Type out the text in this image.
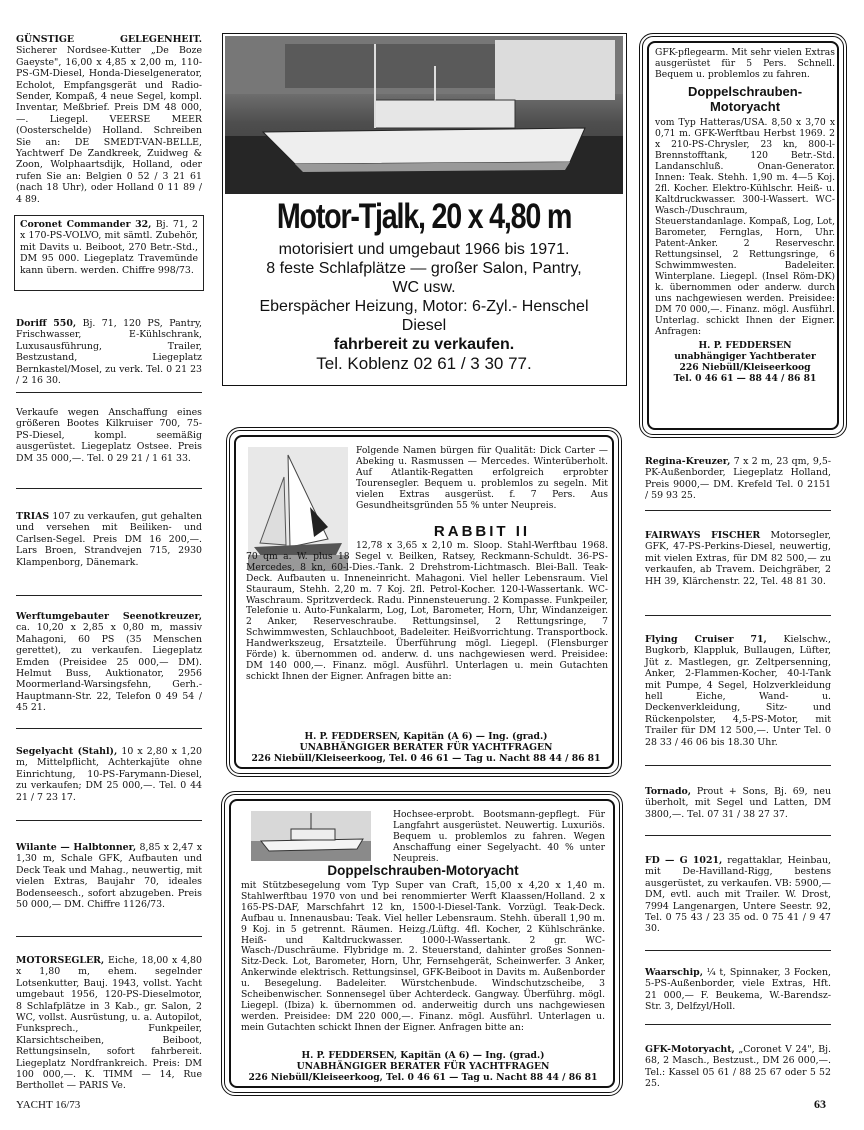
GÜNSTIGE GELEGENHEIT. Sicherer Nordsee-Kutter „De Boze Gaeyste", 16,00 x 4,85 x 2,00 m, 110-PS-GM-Diesel, Honda-Dieselgenerator, Echolot, Empfangsgerät und Radio-Sender, Kompaß, 4 neue Segel, kompl. Inventar, Meßbrief. Preis DM 48 000,—. Liegepl. VEERSE MEER (Oosterschelde) Holland. Schreiben Sie an: DE SMEDT-VAN-BELLE, Yachtwerf De Zandkreek, Zuidweg & Zoon, Wolphaartsdijk, Holland, oder rufen Sie an: Belgien 0 52 / 3 21 61 (nach 18 Uhr), oder Holland 0 11 89 / 4 89.
Coronet Commander 32, Bj. 71, 2 x 170-PS-VOLVO, mit sämtl. Zubehör, mit Davits u. Beiboot, 270 Betr.-Std., DM 95 000. Liegeplatz Travemünde kann übern. werden. Chiffre 998/73.
Doriff 550, Bj. 71, 120 PS, Pantry, Frischwasser, E-Kühlschrank, Luxusausführung, Trailer, Bestzustand, Liegeplatz Bernkastel/Mosel, zu verk. Tel. 0 21 23 / 2 16 30.
Verkaufe wegen Anschaffung eines größeren Bootes Kilkruiser 700, 75-PS-Diesel, kompl. seemäßig ausgerüstet. Liegeplatz Ostsee. Preis DM 35 000,—. Tel. 0 29 21 / 1 61 33.
TRIAS 107 zu verkaufen, gut gehalten und versehen mit Beiliken- und Carlsen-Segel. Preis DM 16 200,—. Lars Broen, Strandvejen 715, 2930 Klampenborg, Dänemark.
Werftumgebauter Seenotkreuzer, ca. 10,20 x 2,85 x 0,80 m, massiv Mahagoni, 60 PS (35 Menschen gerettet), zu verkaufen. Liegeplatz Emden (Preisidee 25 000,— DM). Helmut Buss, Auktionator, 2956 Moormerland-Warsingsfehn, Gerh.-Hauptmann-Str. 22, Telefon 0 49 54 / 45 21.
Segelyacht (Stahl), 10 x 2,80 x 1,20 m, Mittelpflicht, Achterkajüte ohne Einrichtung, 10-PS-Farymann-Diesel, zu verkaufen; DM 25 000,—. Tel. 0 44 21 / 7 23 17.
Wilante — Halbtonner, 8,85 x 2,47 x 1,30 m, Schale GFK, Aufbauten und Deck Teak und Mahag., neuwertig, mit vielen Extras, Baujahr 70, ideales Bodenseesch., sofort abzugeben. Preis 50 000,— DM. Chiffre 1126/73.
MOTORSEGLER, Eiche, 18,00 x 4,80 x 1,80 m, ehem. segelnder Lotsenkutter, Bauj. 1943, vollst. Yacht umgebaut 1956, 120-PS-Dieselmotor, 8 Schlafplätze in 3 Kab., gr. Salon, 2 WC, vollst. Ausrüstung, u. a. Autopilot, Funksprech., Funkpeiler, Klarsichtscheiben, Beiboot, Rettungsinseln, sofort fahrbereit. Liegeplatz Nordfrankreich. Preis: DM 100 000,—. K. TIMM — 14, Rue Berthollet — PARIS Ve.
Motor-Tjalk, 20 x 4,80 m
motorisiert und umgebaut 1966 bis 1971.
8 feste Schlafplätze — großer Salon, Pantry,
WC usw.
Eberspächer Heizung, Motor: 6-Zyl.- Henschel
Diesel
fahrbereit zu verkaufen.
Tel. Koblenz 02 61 / 3 30 77.
GFK-pflegearm. Mit sehr vielen Extras ausgerüstet für 5 Pers. Schnell. Bequem u. problemlos zu fahren.
Doppelschrauben-
Motoryacht
vom Typ Hatteras/USA. 8,50 x 3,70 x 0,71 m. GFK-Werftbau Herbst 1969. 2 x 210-PS-Chrysler, 23 kn, 800-l-Brennstofftank, 120 Betr.-Std. Landanschluß. Onan-Generator. Innen: Teak. Stehh. 1,90 m. 4—5 Koj. 2fl. Kocher. Elektro-Kühlschr. Heiß- u. Kaltdruckwasser. 300-l-Wassert. WC-Wasch-/Duschraum, Steuerstandanlage. Kompaß, Log, Lot, Barometer, Fernglas, Horn, Uhr. Patent-Anker. 2 Reserveschr. Rettungsinsel, 2 Rettungsringe, 6 Schwimmwesten. Badeleiter. Winterplane. Liegepl. (Insel Röm-DK) k. übernommen oder anderw. durch uns nachgewiesen werden. Preisidee: DM 70 000,—. Finanz. mögl. Ausführl. Unterlag. schickt Ihnen der Eigner. Anfragen:
H. P. FEDDERSEN
unabhängiger Yachtberater
226 Niebüll/Kleiseerkoog
Tel. 0 46 61 — 88 44 / 86 81
Folgende Namen bürgen für Qualität: Dick Carter — Abeking u. Rasmussen — Mercedes. Winterüberholt. Auf Atlantik-Regatten erfolgreich erprobter Tourensegler. Bequem u. problemlos zu segeln. Mit vielen Extras ausgerüst. f. 7 Pers. Aus Gesundheitsgründen 55 % unter Neupreis.
RABBIT II
12,78 x 3,65 x 2,10 m. Sloop. Stahl-Werftbau 1968. 70 qm a. W. plus 18 Segel v. Beilken, Ratsey, Reckmann-Schuldt. 36-PS-Mercedes, 8 kn, 60-l-Dies.-Tank. 2 Drehstrom-Lichtmasch. Blei-Ball. Teak-Deck. Aufbauten u. Inneneinricht. Mahagoni. Viel heller Lebensraum. Viel Stauraum, Stehh. 2,20 m. 7 Koj. 2fl. Petrol-Kocher. 120-l-Wassertank. WC-Waschraum. Spritzverdeck. Radu. Pinnensteuerung. 2 Kompasse. Funkpeiler, Telefonie u. Auto-Funkalarm, Log, Lot, Barometer, Horn, Uhr, Windanzeiger. 2 Anker, Reserveschraube. Rettungsinsel, 2 Rettungsringe, 7 Schwimmwesten, Schlauchboot, Badeleiter. Heißvorrichtung. Transportbock. Handwerkszeug, Ersatzteile. Überführung mögl. Liegepl. (Flensburger Förde) k. übernommen od. anderw. d. uns nachgewiesen werd. Preisidee: DM 140 000,—. Finanz. mögl. Ausführl. Unterlagen u. mein Gutachten schickt Ihnen der Eigner. Anfragen bitte an:
H. P. FEDDERSEN, Kapitän (A 6) — Ing. (grad.)
UNABHÄNGIGER BERATER FÜR YACHTFRAGEN
226 Niebüll/Kleiseerkoog, Tel. 0 46 61 — Tag u. Nacht 88 44 / 86 81
Hochsee-erprobt. Bootsmann-gepflegt. Für Langfahrt ausgerüstet. Neuwertig. Luxuriös. Bequem u. problemlos zu fahren. Wegen Anschaffung einer Segelyacht. 40 % unter Neupreis.
Doppelschrauben-Motoryacht
mit Stützbesegelung vom Typ Super van Craft, 15,00 x 4,20 x 1,40 m. Stahlwerftbau 1970 von und bei renommierter Werft Klaassen/Holland. 2 x 165-PS-DAF, Marschfahrt 12 kn, 1500-l-Diesel-Tank. Vorzügl. Teak-Deck. Aufbau u. Innenausbau: Teak. Viel heller Lebensraum. Stehh. überall 1,90 m. 9 Koj. in 5 getrennt. Räumen. Heizg./Lüftg. 4fl. Kocher, 2 Kühlschränke. Heiß- und Kaltdruckwasser. 1000-l-Wassertank. 2 gr. WC-Wasch-/Duschräume. Flybridge m. 2. Steuerstand, dahinter großes Sonnen-Sitz-Deck. Lot, Barometer, Horn, Uhr, Fernsehgerät, Scheinwerfer. 3 Anker, Ankerwinde elektrisch. Rettungsinsel, GFK-Beiboot in Davits m. Außenborder u. Besegelung. Badeleiter. Würstchenbude. Windschutzscheibe, 3 Scheibenwischer. Sonnensegel über Achterdeck. Gangway. Überführg. mögl. Liegepl. (Ibiza) k. übernommen od. anderweitig durch uns nachgewiesen werden. Preisidee: DM 220 000,—. Finanz. mögl. Ausführl. Unterlagen u. mein Gutachten schickt Ihnen der Eigner. Anfragen bitte an:
H. P. FEDDERSEN, Kapitän (A 6) — Ing. (grad.)
UNABHÄNGIGER BERATER FÜR YACHTFRAGEN
226 Niebüll/Kleiseerkoog, Tel. 0 46 61 — Tag u. Nacht 88 44 / 86 81
Regina-Kreuzer, 7 x 2 m, 23 qm, 9,5-PK-Außenborder, Liegeplatz Holland, Preis 9000,— DM. Krefeld Tel. 0 2151 / 59 93 25.
FAIRWAYS FISCHER Motorsegler, GFK, 47-PS-Perkins-Diesel, neuwertig, mit vielen Extras, für DM 82 500,— zu verkaufen, ab Travem. Deichgräber, 2 HH 39, Klärchenstr. 22, Tel. 48 81 30.
Flying Cruiser 71, Kielschw., Bugkorb, Klappluk, Bullaugen, Lüfter, Jüt z. Mastlegen, gr. Zeltpersenning, Anker, 2-Flammen-Kocher, 40-l-Tank mit Pumpe, 4 Segel, Holzverkleidung hell Eiche, Wand- u. Deckenverkleidung, Sitz- und Rückenpolster, 4,5-PS-Motor, mit Trailer für DM 12 500,—. Unter Tel. 0 28 33 / 46 06 bis 18.30 Uhr.
Tornado, Prout + Sons, Bj. 69, neu überholt, mit Segel und Latten, DM 3800,—. Tel. 07 31 / 38 27 37.
FD — G 1021, regattaklar, Heinbau, mit De-Havilland-Rigg, bestens ausgerüstet, zu verkaufen. VB: 5900,— DM, evtl. auch mit Trailer. W. Drost, 7994 Langenargen, Untere Seestr. 92, Tel. 0 75 43 / 23 35 od. 0 75 41 / 9 47 30.
Waarschip, ¼ t, Spinnaker, 3 Focken, 5-PS-Außenborder, viele Extras, Hft. 21 000,— F. Beukema, W.-Barendsz-Str. 3, Delfzyl/Holl.
GFK-Motoryacht, „Coronet V 24", Bj. 68, 2 Masch., Bestzust., DM 26 000,—. Tel.: Kassel 05 61 / 88 25 67 oder 5 52 25.
YACHT 16/73	63
